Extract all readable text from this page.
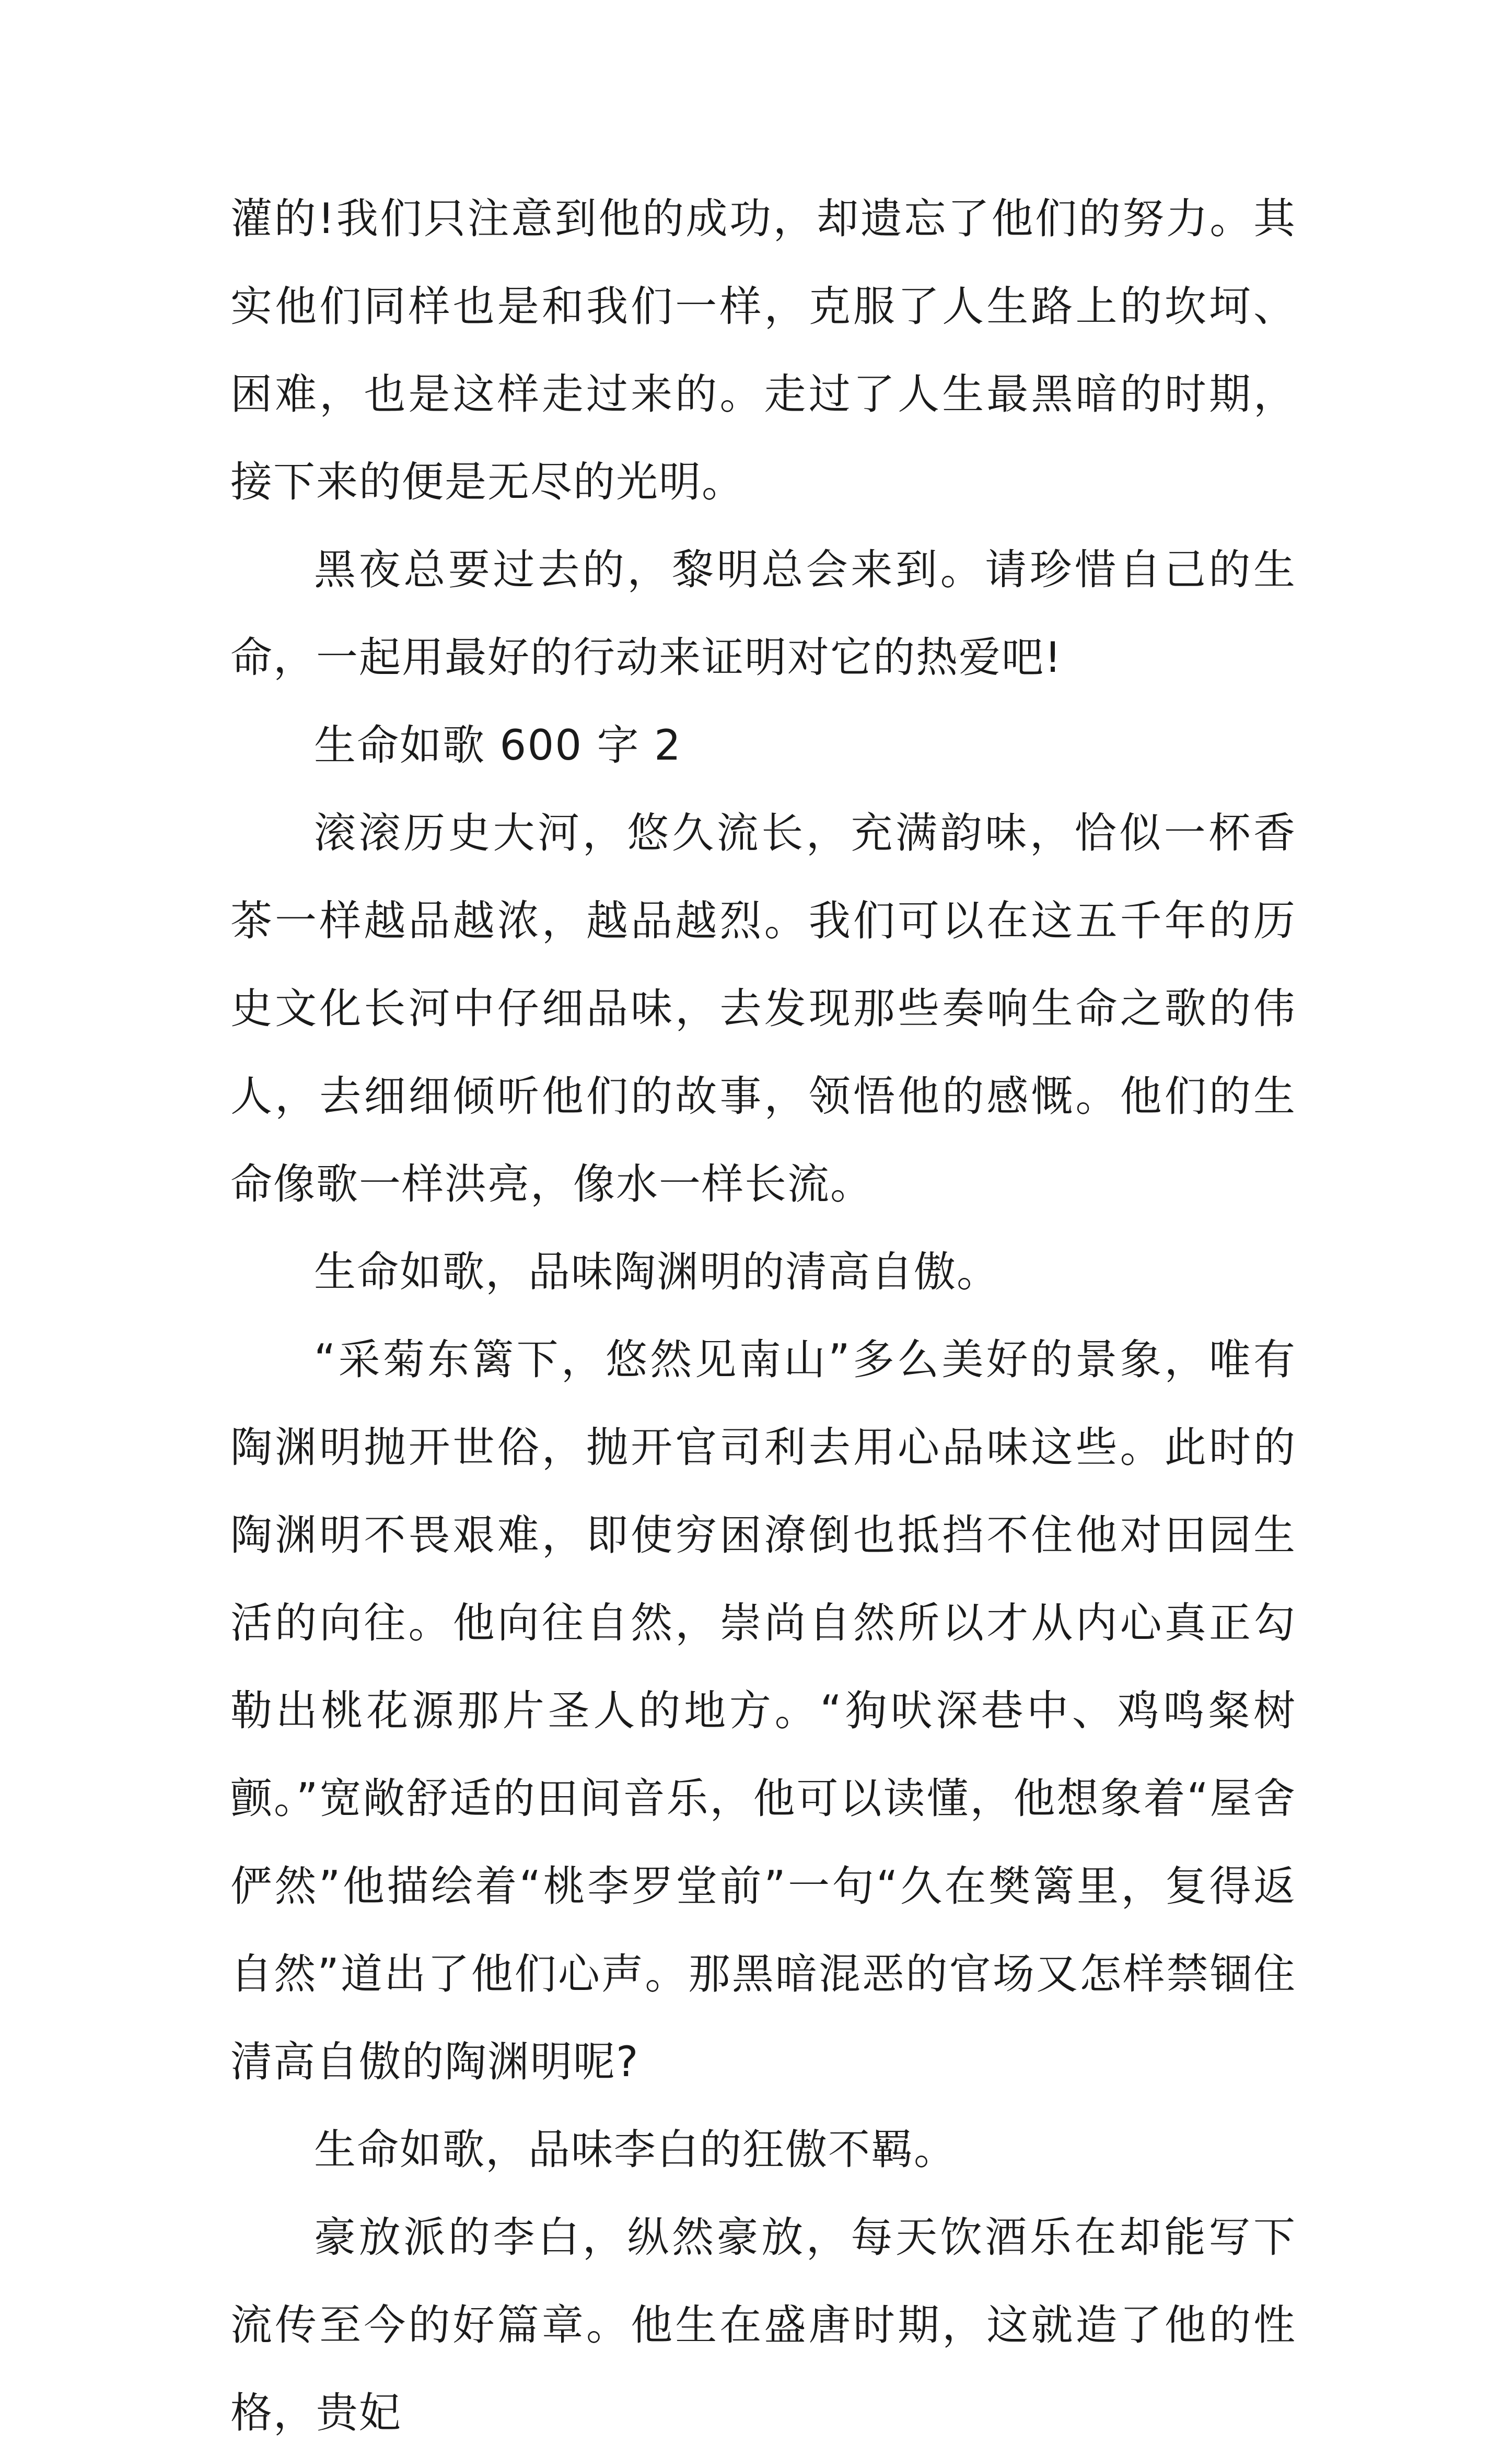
灌的!我们只注意到他的成功，却遗忘了他们的努力。其实他们同样也是和我们一样，克服了人生路上的坎坷、困难，也是这样走过来的。走过了人生最黑暗的时期，接下来的便是无尽的光明。

黑夜总要过去的，黎明总会来到。请珍惜自己的生命，一起用最好的行动来证明对它的热爱吧!

生命如歌 600 字 2

滚滚历史大河，悠久流长，充满韵味，恰似一杯香茶一样越品越浓，越品越烈。我们可以在这五千年的历史文化长河中仔细品味，去发现那些奏响生命之歌的伟人，去细细倾听他们的故事，领悟他的感慨。他们的生命像歌一样洪亮，像水一样长流。

生命如歌，品味陶渊明的清高自傲。

“采菊东篱下，悠然见南山”多么美好的景象，唯有陶渊明抛开世俗，抛开官司利去用心品味这些。此时的陶渊明不畏艰难，即使穷困潦倒也抵挡不住他对田园生活的向往。他向往自然，崇尚自然所以才从内心真正勾勒出桃花源那片圣人的地方。“狗吠深巷中、鸡鸣粲树颤。”宽敞舒适的田间音乐，他可以读懂，他想象着“屋舍俨然”他描绘着“桃李罗堂前”一句“久在樊篱里，复得返自然”道出了他们心声。那黑暗混恶的官场又怎样禁锢住清高自傲的陶渊明呢?

生命如歌，品味李白的狂傲不羁。

豪放派的李白，纵然豪放，每天饮酒乐在却能写下流传至今的好篇章。他生在盛唐时期，这就造了他的性格，贵妃
